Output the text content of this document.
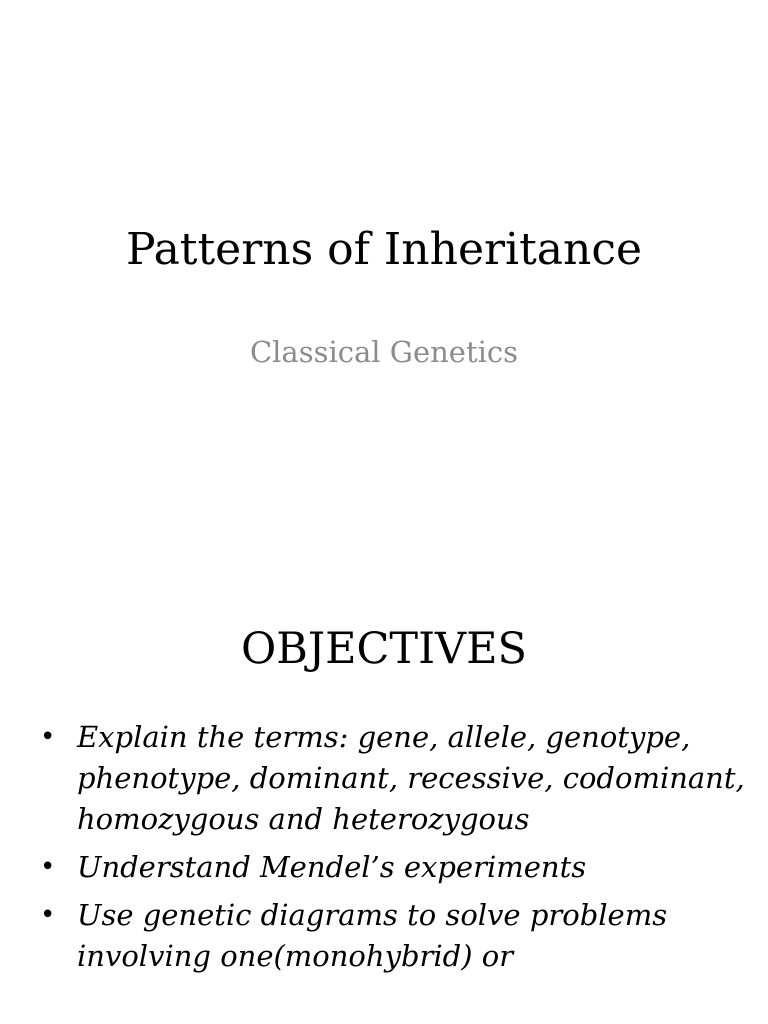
Patterns of Inheritance
Classical Genetics
OBJECTIVES
• Explain the terms: gene, allele, genotype, phenotype, dominant, recessive, codominant, homozygous and heterozygous
• Understand Mendel’s experiments
• Use genetic diagrams to solve problems involving one(monohybrid) or
